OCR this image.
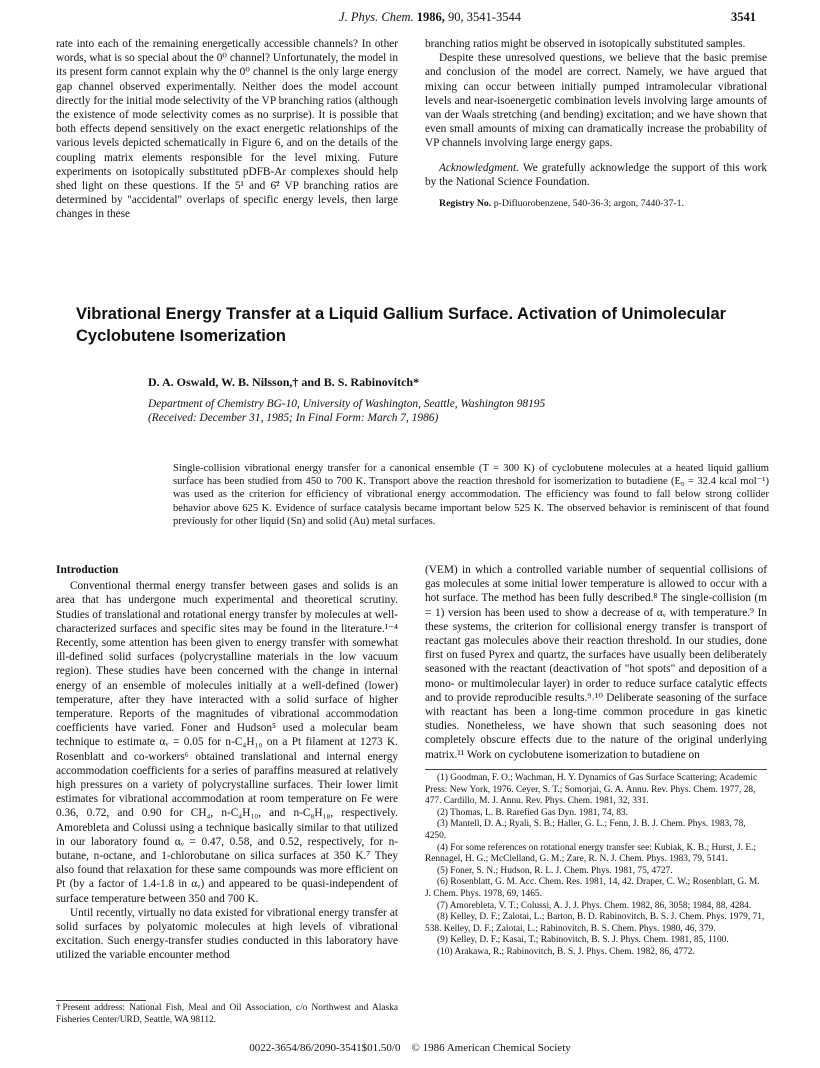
J. Phys. Chem. 1986, 90, 3541-3544	3541

rate into each of the remaining energetically accessible channels? In other words, what is so special about the 0⁰ channel? Unfortunately, the model in its present form cannot explain why the 0⁰ channel is the only large energy gap channel observed experimentally. Neither does the model account directly for the initial mode selectivity of the VP branching ratios (although the existence of mode selectivity comes as no surprise). It is possible that both effects depend sensitively on the exact energetic relationships of the various levels depicted schematically in Figure 6, and on the details of the coupling matrix elements responsible for the level mixing. Future experiments on isotopically substituted pDFB-Ar complexes should help shed light on these questions. If the 5¹ and 6̄² VP branching ratios are determined by "accidental" overlaps of specific energy levels, then large changes in these

branching ratios might be observed in isotopically substituted samples.

Despite these unresolved questions, we believe that the basic premise and conclusion of the model are correct. Namely, we have argued that mixing can occur between initially pumped intramolecular vibrational levels and near-isoenergetic combination levels involving large amounts of van der Waals stretching (and bending) excitation; and we have shown that even small amounts of mixing can dramatically increase the probability of VP channels involving large energy gaps.

Acknowledgment. We gratefully acknowledge the support of this work by the National Science Foundation.

Registry No. p-Difluorobenzene, 540-36-3; argon, 7440-37-1.

Vibrational Energy Transfer at a Liquid Gallium Surface. Activation of Unimolecular Cyclobutene Isomerization
D. A. Oswald, W. B. Nilsson,† and B. S. Rabinovitch*
Department of Chemistry BG-10, University of Washington, Seattle, Washington 98195
(Received: December 31, 1985; In Final Form: March 7, 1986)
Single-collision vibrational energy transfer for a canonical ensemble (T = 300 K) of cyclobutene molecules at a heated liquid gallium surface has been studied from 450 to 700 K. Transport above the reaction threshold for isomerization to butadiene (E₀ = 32.4 kcal mol⁻¹) was used as the criterion for efficiency of vibrational energy accommodation. The efficiency was found to fall below strong collider behavior above 625 K. Evidence of surface catalysis became important below 525 K. The observed behavior is reminiscent of that found previously for other liquid (Sn) and solid (Au) metal surfaces.
Introduction

Conventional thermal energy transfer between gases and solids is an area that has undergone much experimental and theoretical scrutiny. Studies of translational and rotational energy transfer by molecules at well-characterized surfaces and specific sites may be found in the literature.¹⁻⁴ Recently, some attention has been given to energy transfer with somewhat ill-defined solid surfaces (polycrystalline materials in the low vacuum region). These studies have been concerned with the change in internal energy of an ensemble of molecules initially at a well-defined (lower) temperature, after they have interacted with a solid surface of higher temperature. Reports of the magnitudes of vibrational accommodation coefficients have varied. Foner and Hudson⁵ used a molecular beam technique to estimate αᵥ = 0.05 for n-C₄H₁₀ on a Pt filament at 1273 K. Rosenblatt and co-workers⁶ obtained translational and internal energy accommodation coefficients for a series of paraffins measured at relatively high pressures on a variety of polycrystalline surfaces. Their lower limit estimates for vibrational accommodation at room temperature on Fe were 0.36, 0.72, and 0.90 for CH₄, n-C₄H₁₀, and n-C₈H₁₈, respectively. Amorebleta and Colussi using a technique basically similar to that utilized in our laboratory found αᵥ = 0.47, 0.58, and 0.52, respectively, for n-butane, n-octane, and 1-chlorobutane on silica surfaces at 350 K.⁷ They also found that relaxation for these same compounds was more efficient on Pt (by a factor of 1.4-1.8 in αᵥ) and appeared to be quasi-independent of surface temperature between 350 and 700 K.

Until recently, virtually no data existed for vibrational energy transfer at solid surfaces by polyatomic molecules at high levels of vibrational excitation. Such energy-transfer studies conducted in this laboratory have utilized the variable encounter method

†Present address: National Fish, Meal and Oil Association, c/o Northwest and Alaska Fisheries Center/URD, Seattle, WA 98112.

(VEM) in which a controlled variable number of sequential collisions of gas molecules at some initial lower temperature is allowed to occur with a hot surface. The method has been fully described.⁸ The single-collision (m = 1) version has been used to show a decrease of αᵥ with temperature.⁹ In these systems, the criterion for collisional energy transfer is transport of reactant gas molecules above their reaction threshold. In our studies, done first on fused Pyrex and quartz, the surfaces have usually been deliberately seasoned with the reactant (deactivation of "hot spots" and deposition of a mono- or multimolecular layer) in order to reduce surface catalytic effects and to provide reproducible results.⁹˒¹⁰ Deliberate seasoning of the surface with reactant has been a long-time common procedure in gas kinetic studies. Nonetheless, we have shown that such seasoning does not completely obscure effects due to the nature of the original underlying matrix.¹¹ Work on cyclobutene isomerization to butadiene on

(1) Goodman, F. O.; Wachman, H. Y. Dynamics of Gas Surface Scattering; Academic Press: New York, 1976. Ceyer, S. T.; Somorjai, G. A. Annu. Rev. Phys. Chem. 1977, 28, 477. Cardillo, M. J. Annu. Rev. Phys. Chem. 1981, 32, 331.

(2) Thomas, L. B. Rarefied Gas Dyn. 1981, 74, 83.

(3) Mantell, D. A.; Ryali, S. B.; Haller, G. L.; Fenn, J. B. J. Chem. Phys. 1983, 78, 4250.

(4) For some references on rotational energy transfer see: Kubiak, K. B.; Hurst, J. E.; Rennagel, H. G.; McClelland, G. M.; Zare, R. N. J. Chem. Phys. 1983, 79, 5141.

(5) Foner, S. N.; Hudson, R. L. J. Chem. Phys. 1981, 75, 4727.

(6) Rosenblatt, G. M. Acc. Chem. Res. 1981, 14, 42. Draper, C. W.; Rosenblatt, G. M. J. Chem. Phys. 1978, 69, 1465.

(7) Amorebleta, V. T.; Colussi, A. J. J. Phys. Chem. 1982, 86, 3058; 1984, 88, 4284.

(8) Kelley, D. F.; Zalotai, L.; Barton, B. D. Rabinovitch, B. S. J. Chem. Phys. 1979, 71, 538. Kelley, D. F.; Zalotai, L.; Rabinovitch, B. S. Chem. Phys. 1980, 46, 379.

(9) Kelley, D. F.; Kasai, T.; Rabinovitch, B. S. J. Phys. Chem. 1981, 85, 1100.

(10) Arakawa, R.; Rabinovitch, B. S. J. Phys. Chem. 1982, 86, 4772.

0022-3654/86/2090-3541$01.50/0 © 1986 American Chemical Society
